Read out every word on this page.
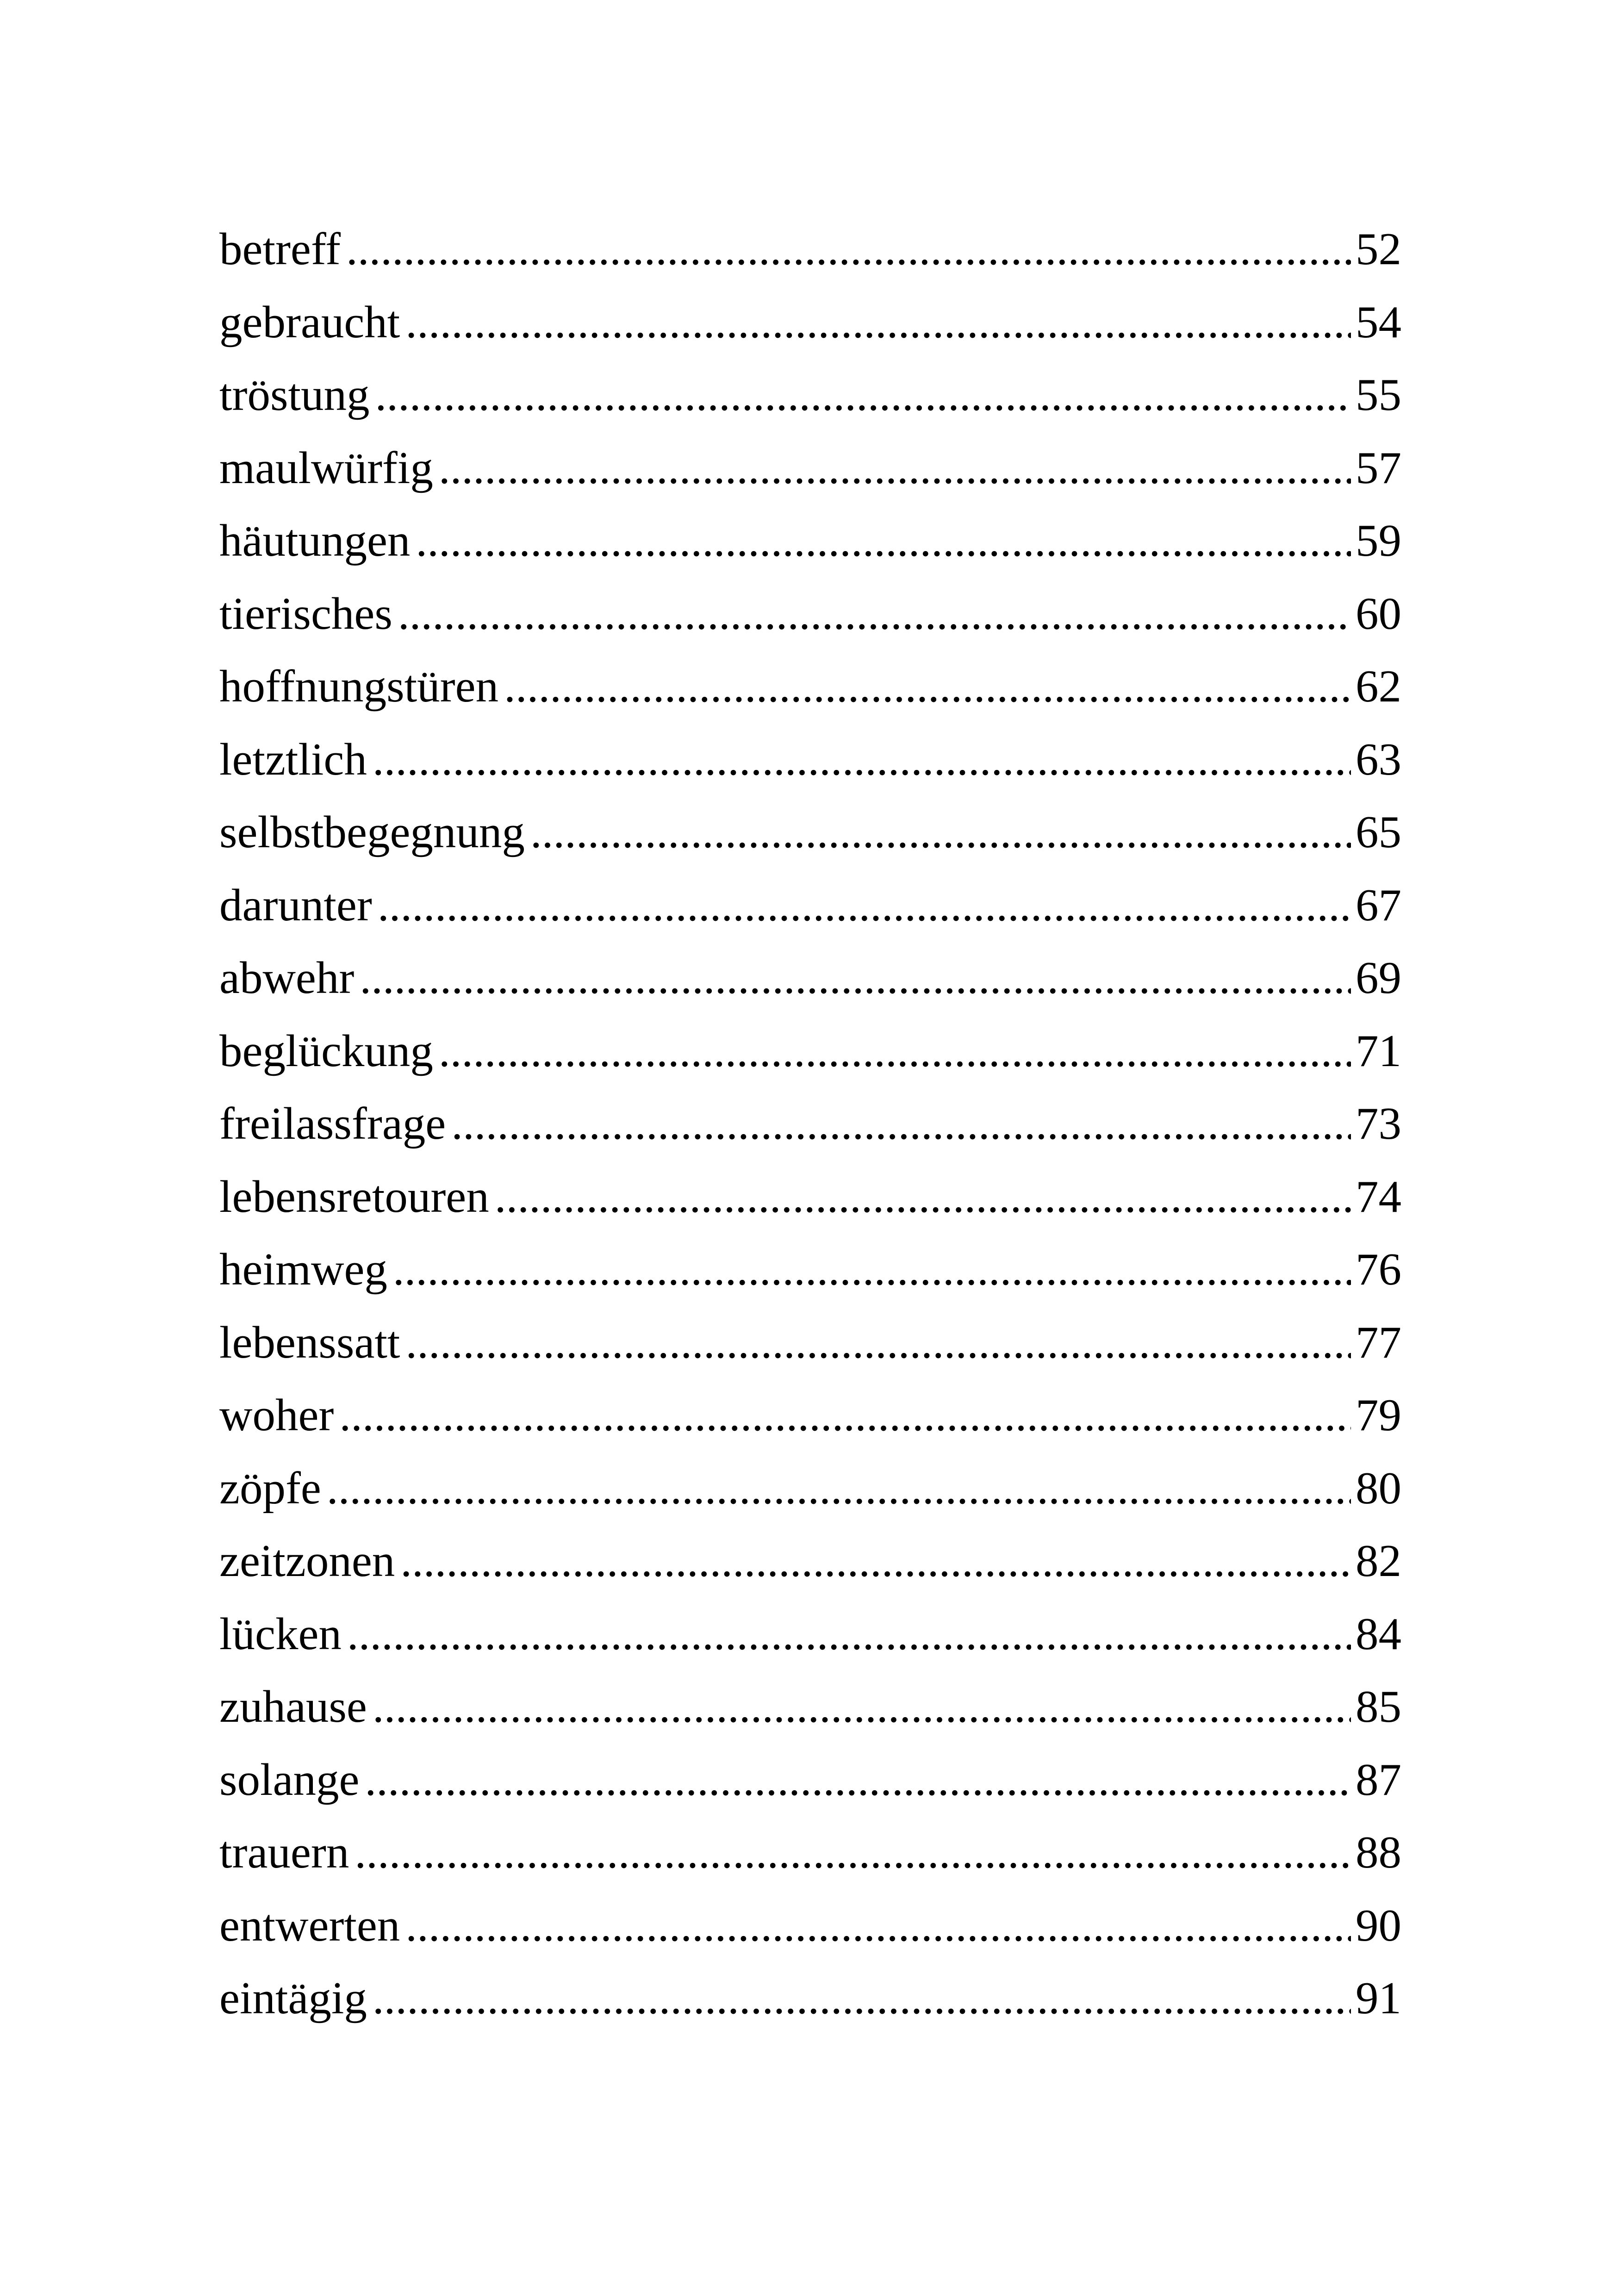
betreff .....	52
gebraucht .....	54
tröstung .....	55
maulwürfig .....	57
häutungen .....	59
tierisches .....	60
hoffnungstüren .....	62
letztlich .....	63
selbstbegegnung .....	65
darunter .....	67
abwehr .....	69
beglückung .....	71
freilassfrage .....	73
lebensretouren .....	74
heimweg .....	76
lebenssatt .....	77
woher .....	79
zöpfe .....	80
zeitzonen .....	82
lücken .....	84
zuhause .....	85
solange .....	87
trauern .....	88
entwerten .....	90
eintägig .....	91
